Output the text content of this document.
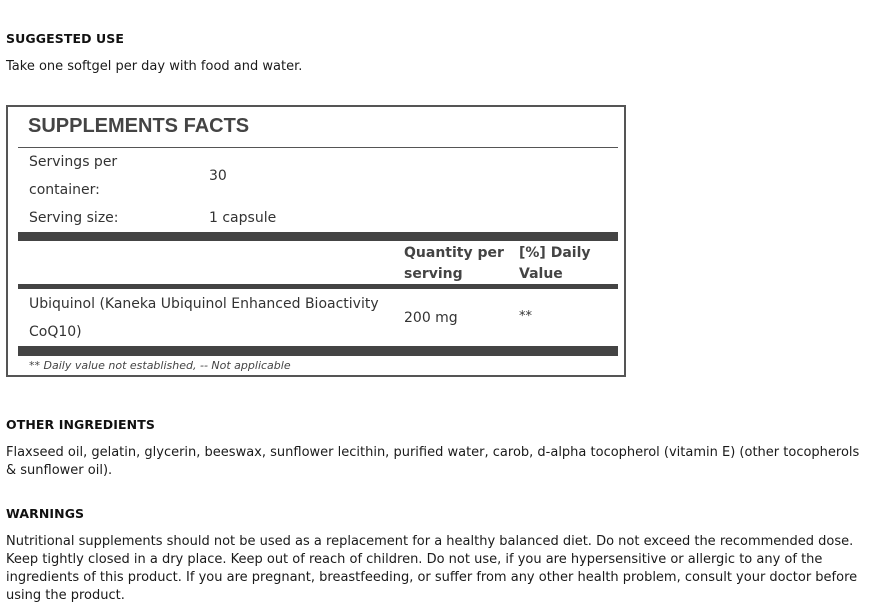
SUGGESTED USE
Take one softgel per day with food and water.
SUPPLEMENTS FACTS
Servings per container:
30
Serving size:	1 capsule
Quantity per serving
[%] Daily Value
Ubiquinol (Kaneka Ubiquinol Enhanced Bioactivity CoQ10)
200 mg	**
** Daily value not established, -- Not applicable
OTHER INGREDIENTS
Flaxseed oil, gelatin, glycerin, beeswax, sunflower lecithin, purified water, carob, d-alpha tocopherol (vitamin E) (other tocopherols & sunflower oil).
WARNINGS
Nutritional supplements should not be used as a replacement for a healthy balanced diet. Do not exceed the recommended dose. Keep tightly closed in a dry place. Keep out of reach of children. Do not use, if you are hypersensitive or allergic to any of the ingredients of this product. If you are pregnant, breastfeeding, or suffer from any other health problem, consult your doctor before using the product.
